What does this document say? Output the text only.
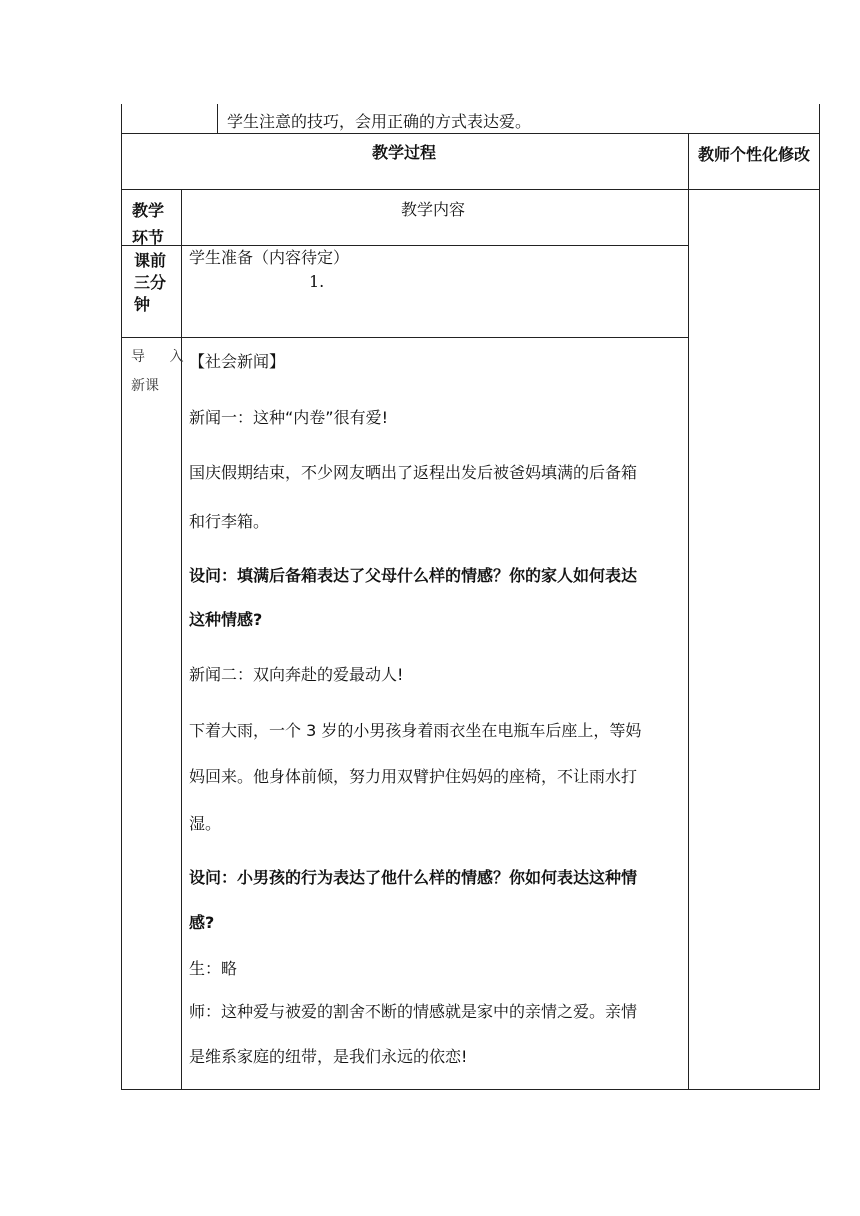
学生注意的技巧，会用正确的方式表达爱。
教学过程	教师个性化修改
教学环节
教学内容
课前三分钟
学生准备（内容待定）
1.
导 入
新课
【社会新闻】
新闻一：这种“内卷”很有爱!
国庆假期结束，不少网友晒出了返程出发后被爸妈填满的后备箱
和行李箱。
设问：填满后备箱表达了父母什么样的情感？你的家人如何表达
这种情感?
新闻二：双向奔赴的爱最动人!
下着大雨，一个 3 岁的小男孩身着雨衣坐在电瓶车后座上，等妈
妈回来。他身体前倾，努力用双臂护住妈妈的座椅，不让雨水打
湿。
设问：小男孩的行为表达了他什么样的情感？你如何表达这种情
感?
生：略
师：这种爱与被爱的割舍不断的情感就是家中的亲情之爱。亲情
是维系家庭的纽带，是我们永远的依恋!
